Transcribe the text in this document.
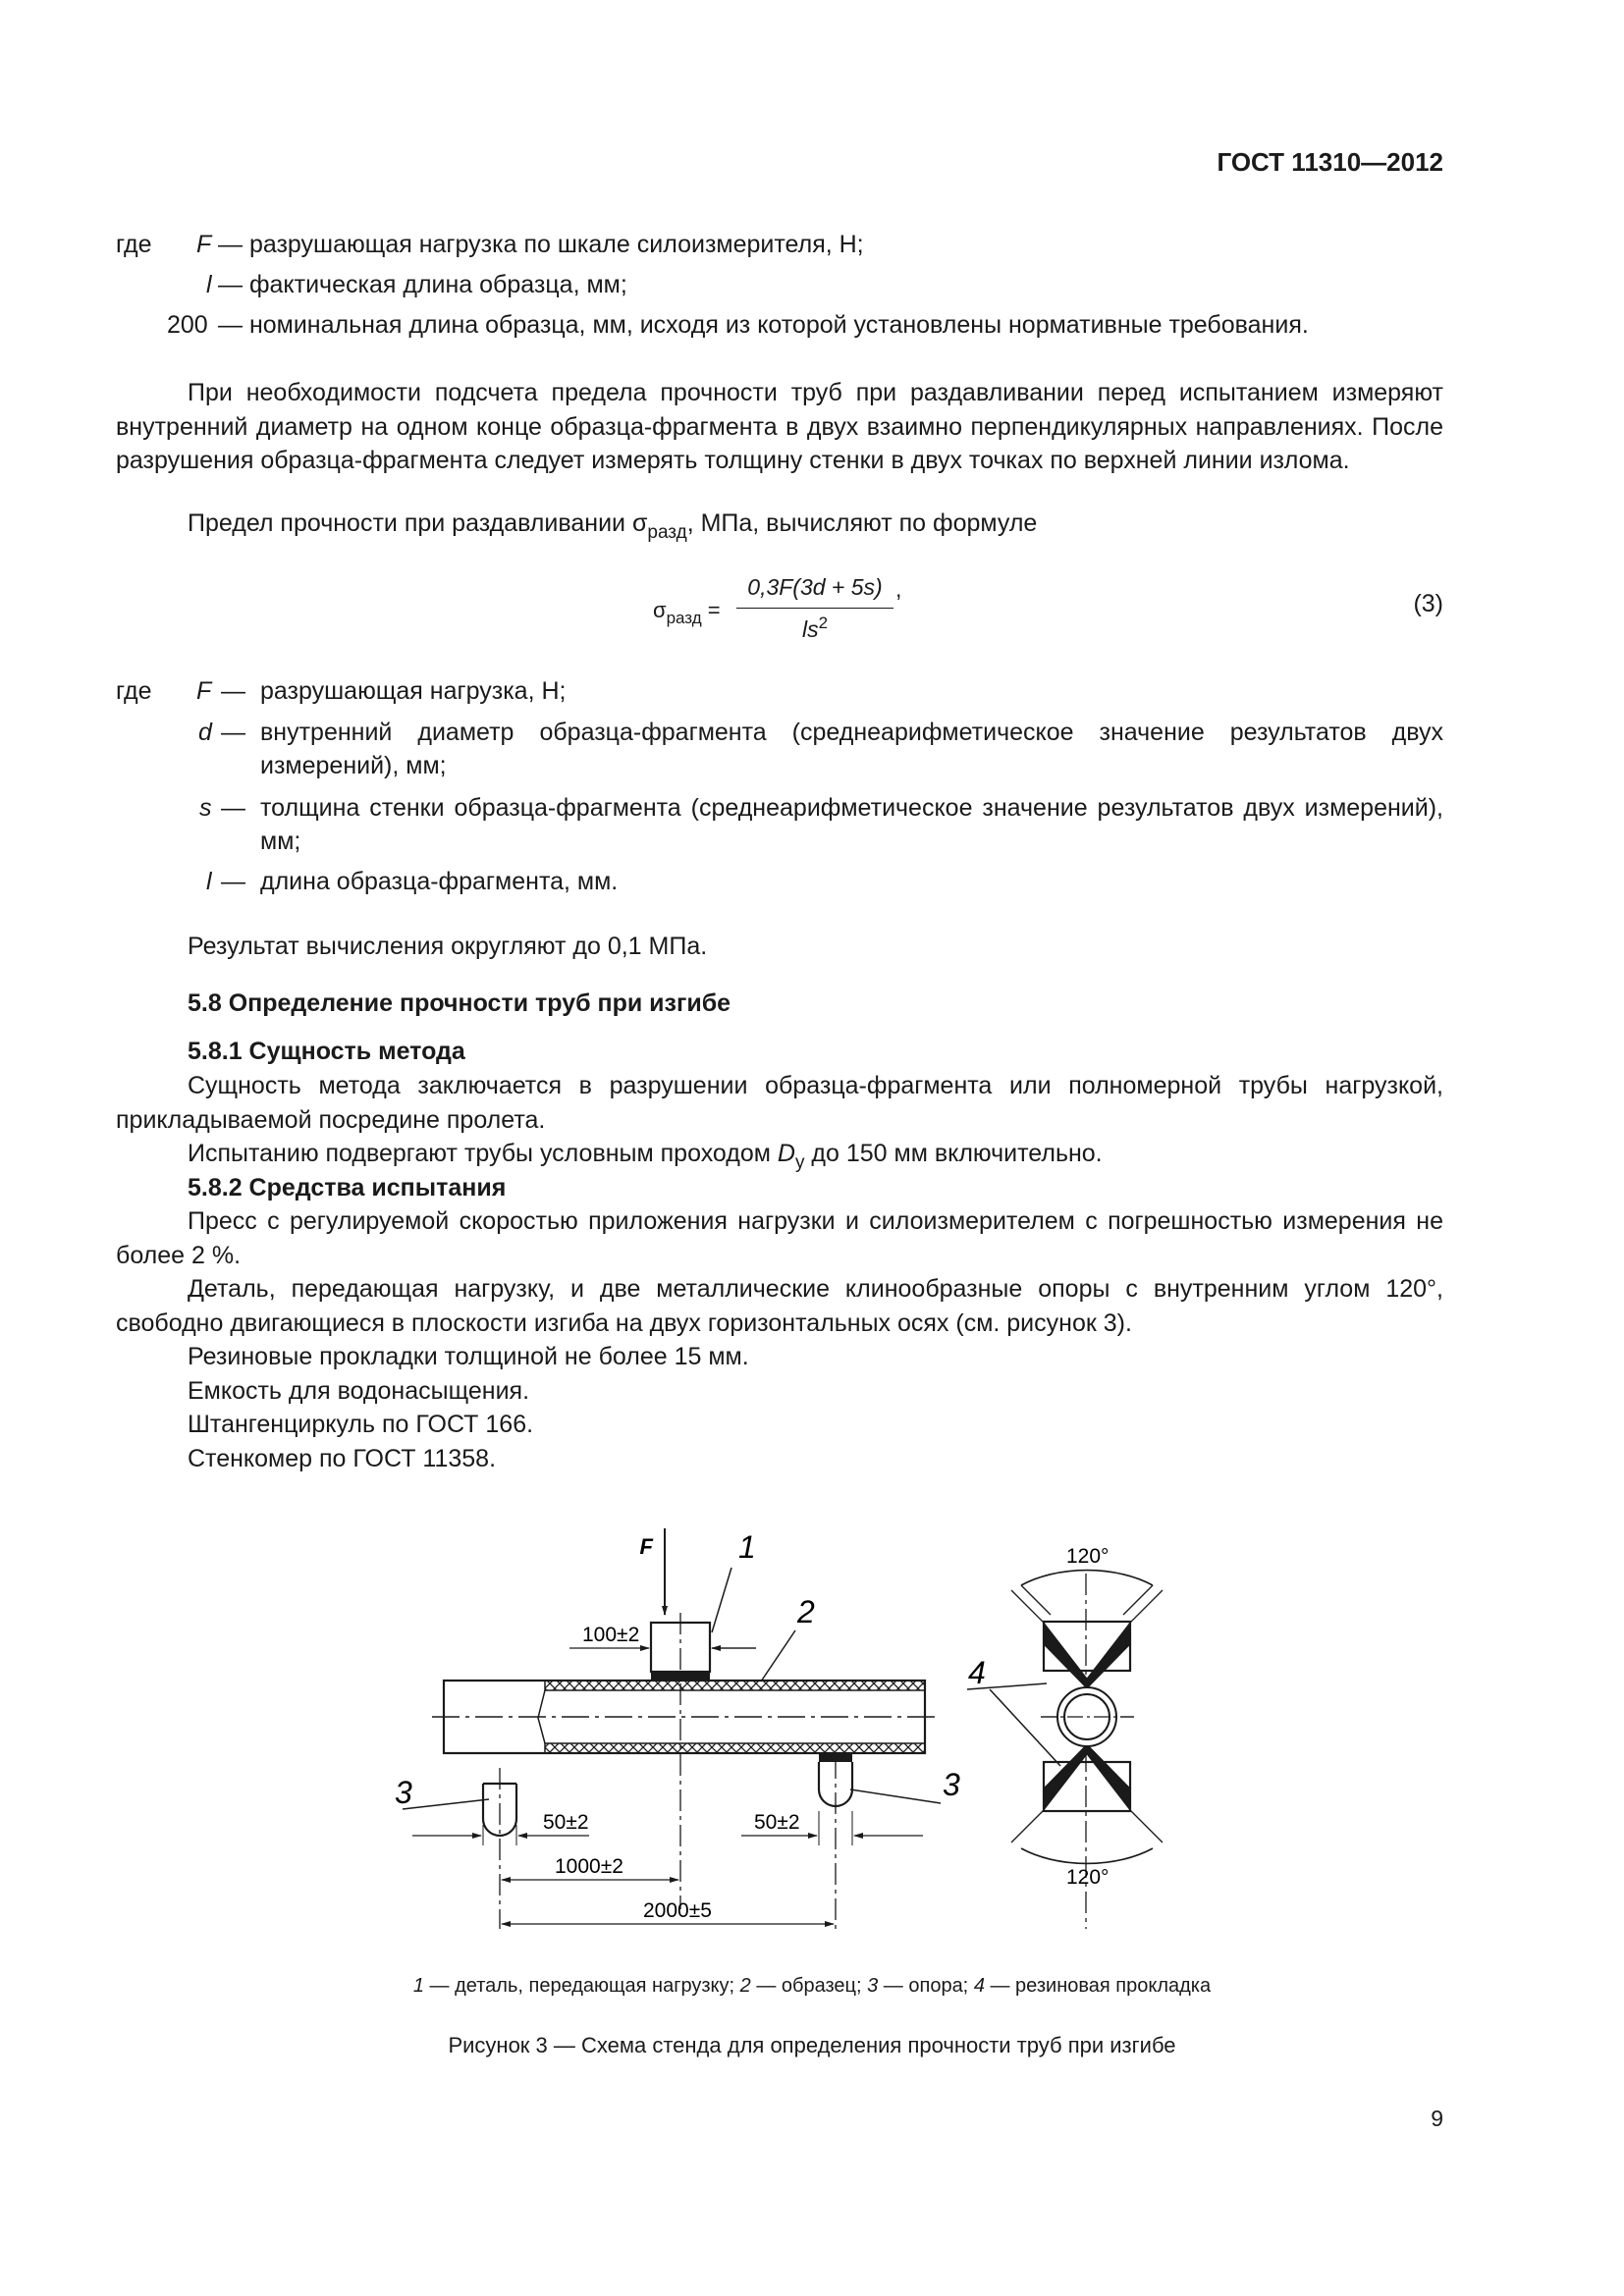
ГОСТ 11310—2012
где F — разрушающая нагрузка по шкале силоизмерителя, Н;
l — фактическая длина образца, мм;
200 — номинальная длина образца, мм, исходя из которой установлены нормативные требования.
При необходимости подсчета предела прочности труб при раздавливании перед испытанием измеряют внутренний диаметр на одном конце образца-фрагмента в двух взаимно перпендикулярных направлениях. После разрушения образца-фрагмента следует измерять толщину стенки в двух точках по верхней линии излома.
Предел прочности при раздавливании $\sigma_{разд}$, МПа, вычисляют по формуле
$\sigma_{разд}$ =
0,3F(3d + 5s)
$ls^2$
,
(3)
где F — разрушающая нагрузка, Н;
d — внутренний диаметр образца-фрагмента (среднеарифметическое значение результатов двух измерений), мм;
s — толщина стенки образца-фрагмента (среднеарифметическое значение результатов двух измерений), мм;
l — длина образца-фрагмента, мм.
Результат вычисления округляют до 0,1 МПа.
5.8 Определение прочности труб при изгибе
5.8.1 Сущность метода
Сущность метода заключается в разрушении образца-фрагмента или полномерной трубы нагрузкой, прикладываемой посредине пролета.
Испытанию подвергают трубы условным проходом $D_у$ до 150 мм включительно.
5.8.2 Средства испытания
Пресс с регулируемой скоростью приложения нагрузки и силоизмерителем с погрешностью измерения не более 2 %.
Деталь, передающая нагрузку, и две металлические клинообразные опоры с внутренним углом 120°, свободно двигающиеся в плоскости изгиба на двух горизонтальных осях (см. рисунок 3).
Резиновые прокладки толщиной не более 15 мм.
Емкость для водонасыщения.
Штангенциркуль по ГОСТ 166.
Стенкомер по ГОСТ 11358.
F	1
100±2
2
3	3
50±2	50±2
1000±2
2000±5
120°
120°
4
1 — деталь, передающая нагрузку; 2 — образец; 3 — опора; 4 — резиновая прокладка
Рисунок 3 — Схема стенда для определения прочности труб при изгибе
9
